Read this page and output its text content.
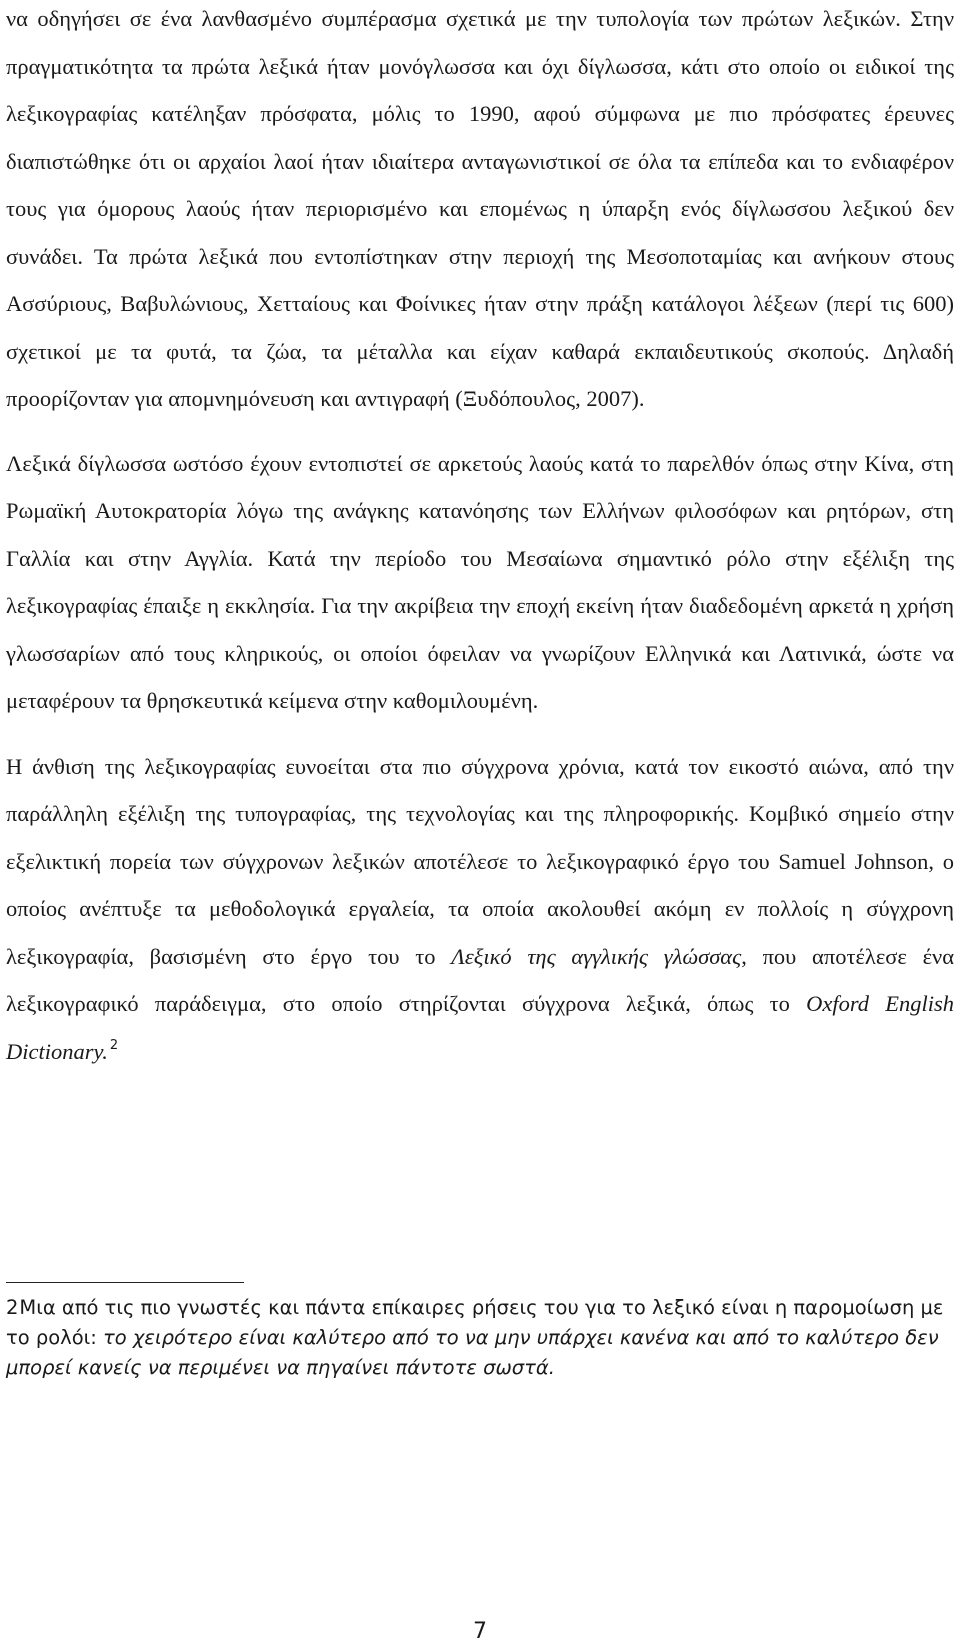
να οδηγήσει σε ένα λανθασμένο συμπέρασμα σχετικά με την τυπολογία των πρώτων λεξικών. Στην πραγματικότητα τα πρώτα λεξικά ήταν μονόγλωσσα και όχι δίγλωσσα, κάτι στο οποίο οι ειδικοί της λεξικογραφίας κατέληξαν πρόσφατα, μόλις το 1990, αφού σύμφωνα με πιο πρόσφατες έρευνες διαπιστώθηκε ότι οι αρχαίοι λαοί ήταν ιδιαίτερα ανταγωνιστικοί σε όλα τα επίπεδα και το ενδιαφέρον τους για όμορους λαούς ήταν περιορισμένο και επομένως η ύπαρξη ενός δίγλωσσου λεξικού δεν συνάδει. Τα πρώτα λεξικά που εντοπίστηκαν στην περιοχή της Μεσοποταμίας και ανήκουν στους Ασσύριους, Βαβυλώνιους, Χετταίους και Φοίνικες ήταν στην πράξη κατάλογοι λέξεων (περί τις 600) σχετικοί με τα φυτά, τα ζώα, τα μέταλλα και είχαν καθαρά εκπαιδευτικούς σκοπούς. Δηλαδή προορίζονταν για απομνημόνευση και αντιγραφή (Ξυδόπουλος, 2007).

Λεξικά δίγλωσσα ωστόσο έχουν εντοπιστεί σε αρκετούς λαούς κατά το παρελθόν όπως στην Κίνα, στη Ρωμαϊκή Αυτοκρατορία λόγω της ανάγκης κατανόησης των Ελλήνων φιλοσόφων και ρητόρων, στη Γαλλία και στην Αγγλία. Κατά την περίοδο του Μεσαίωνα σημαντικό ρόλο στην εξέλιξη της λεξικογραφίας έπαιξε η εκκλησία. Για την ακρίβεια την εποχή εκείνη ήταν διαδεδομένη αρκετά η χρήση γλωσσαρίων από τους κληρικούς, οι οποίοι όφειλαν να γνωρίζουν Ελληνικά και Λατινικά, ώστε να μεταφέρουν τα θρησκευτικά κείμενα στην καθομιλουμένη.

Η άνθιση της λεξικογραφίας ευνοείται στα πιο σύγχρονα χρόνια, κατά τον εικοστό αιώνα, από την παράλληλη εξέλιξη της τυπογραφίας, της τεχνολογίας και της πληροφορικής. Κομβικό σημείο στην εξελικτική πορεία των σύγχρονων λεξικών αποτέλεσε το λεξικογραφικό έργο του Samuel Johnson, ο οποίος ανέπτυξε τα μεθοδολογικά εργαλεία, τα οποία ακολουθεί ακόμη εν πολλοίς η σύγχρονη λεξικογραφία, βασισμένη στο έργο του το Λεξικό της αγγλικής γλώσσας, που αποτέλεσε ένα λεξικογραφικό παράδειγμα, στο οποίο στηρίζονται σύγχρονα λεξικά, όπως το Oxford English Dictionary. $^2$

2Μια από τις πιο γνωστές και πάντα επίκαιρες ρήσεις του για το λεξικό είναι η παρομοίωση με το ρολόι: το χειρότερο είναι καλύτερο από το να μην υπάρχει κανένα και από το καλύτερο δεν μπορεί κανείς να περιμένει να πηγαίνει πάντοτε σωστά.

7
